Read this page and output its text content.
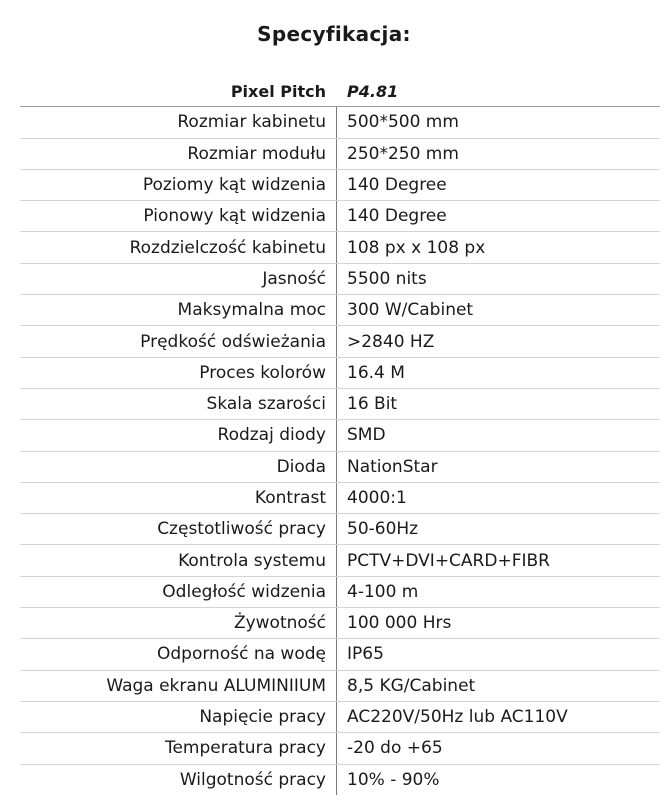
Specyfikacja:
Pixel Pitch	P4.81
Rozmiar kabinetu	500*500 mm
Rozmiar modułu	250*250 mm
Poziomy kąt widzenia	140 Degree
Pionowy kąt widzenia	140 Degree
Rozdzielczość kabinetu	108 px x 108 px
Jasność	5500 nits
Maksymalna moc	300 W/Cabinet
Prędkość odświeżania	>2840 HZ
Proces kolorów	16.4 M
Skala szarości	16 Bit
Rodzaj diody	SMD
Dioda	NationStar
Kontrast	4000:1
Częstotliwość pracy	50-60Hz
Kontrola systemu	PCTV+DVI+CARD+FIBR
Odległość widzenia	4-100 m
Żywotność	100 000 Hrs
Odporność na wodę	IP65
Waga ekranu ALUMINIIUM	8,5 KG/Cabinet
Napięcie pracy	AC220V/50Hz lub AC110V
Temperatura pracy	-20 do +65
Wilgotność pracy	10% - 90%
